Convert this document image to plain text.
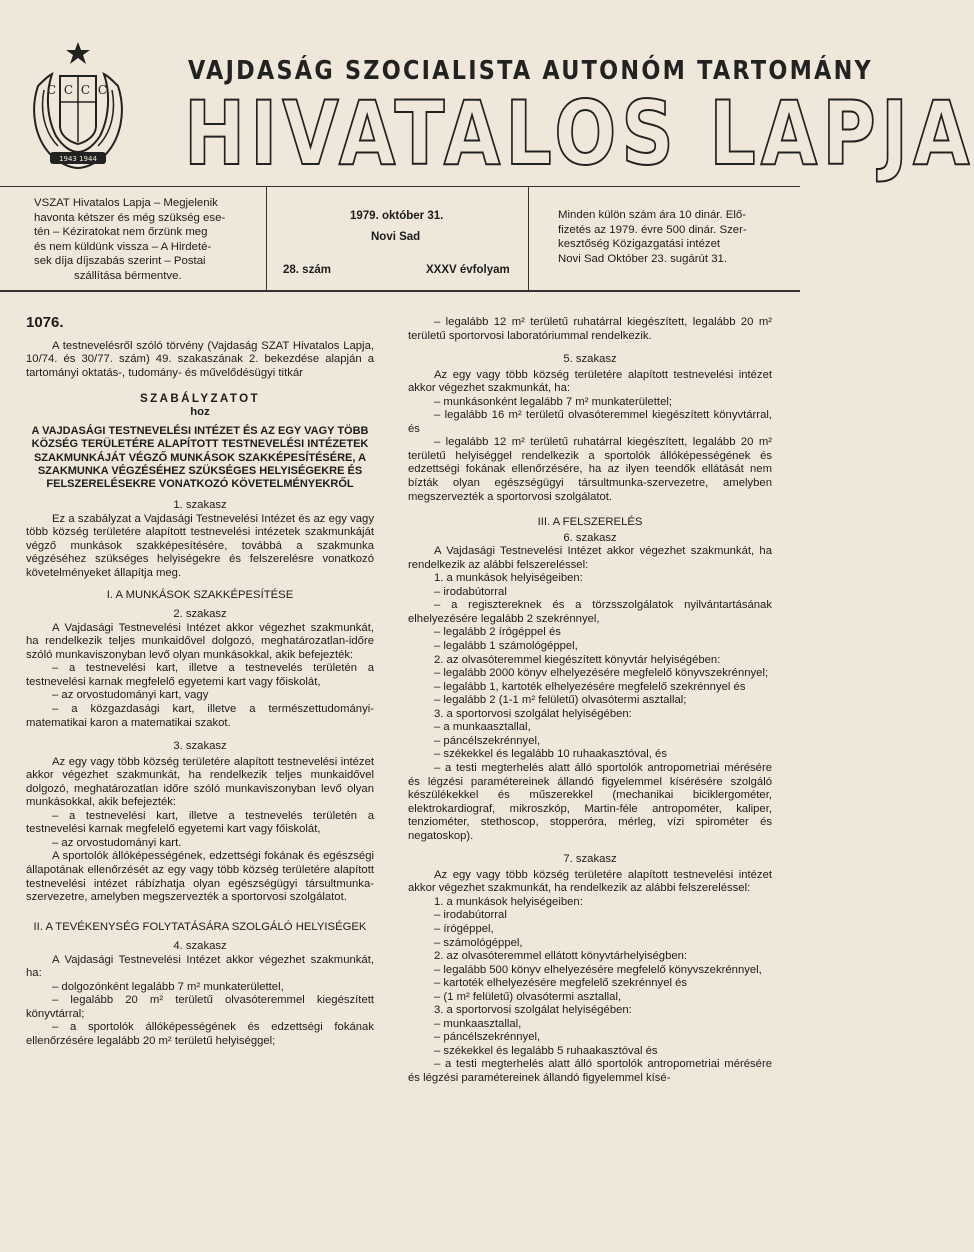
С С С С
1943 1944
VAJDASÁG SZOCIALISTA AUTONÓM TARTOMÁNY
HIVATALOS LAPJA
VSZAT Hivatalos Lapja – Megjelenik
havonta kétszer és még szükség ese-
tén – Kéziratokat nem őrzünk meg
és nem küldünk vissza – A Hirdeté-
sek díja díjszabás szerint – Postai
szállítása bérmentve.
1979. október 31.
Novi Sad
28. szám	XXXV évfolyam
Minden külön szám ára 10 dinár. Elő-
fizetés az 1979. évre 500 dinár. Szer-
kesztőség Közigazgatási intézet
Novi Sad Október 23. sugárút 31.

1076.

A testnevelésről szóló törvény (Vajdaság SZAT Hivatalos Lapja, 10/74. és 30/77. szám) 49. szakaszának 2. bekezdése alapján a tartományi oktatás-, tudomány- és művelődésügyi titkár

SZABÁLYZATOT

hoz

A VAJDASÁGI TESTNEVELÉSI INTÉZET ÉS AZ EGY VAGY TÖBB KÖZSÉG TERÜLETÉRE ALAPÍTOTT TESTNEVELÉSI INTÉZETEK SZAKMUNKÁJÁT VÉGZŐ MUNKÁSOK SZAKKÉPESÍTÉSÉRE, A SZAKMUNKA VÉGZÉSÉHEZ SZÜKSÉGES HELYISÉGEKRE ÉS FELSZERELÉSEKRE VONATKOZÓ KÖVETELMÉNYEKRŐL

1. szakasz

Ez a szabályzat a Vajdasági Testnevelési Intézet és az egy vagy több község területére alapított testnevelési intézetek szakmunkáját végző munkások szakképesítésére, továbbá a szakmunka végzéséhez szükséges helyiségekre és felszerelésre vonatkozó követelményeket állapítja meg.

I. A MUNKÁSOK SZAKKÉPESÍTÉSE

2. szakasz

A Vajdasági Testnevelési Intézet akkor végezhet szakmunkát, ha rendelkezik teljes munkaidővel dolgozó, meghatározatlan-időre szóló munkaviszonyban levő olyan munkásokkal, akik befejezték:

– a testnevelési kart, illetve a testnevelés területén a testnevelési karnak megfelelő egyetemi kart vagy főiskolát,

– az orvostudományi kart, vagy

– a közgazdasági kart, illetve a természettudományi-matematikai karon a matematikai szakot.

3. szakasz

Az egy vagy több község területére alapított testnevelési intézet akkor végezhet szakmunkát, ha rendelkezik teljes munkaidővel dolgozó, meghatározatlan időre szóló munkaviszonyban levő olyan munkásokkal, akik befejezték:

– a testnevelési kart, illetve a testnevelés területén a testnevelési karnak megfelelő egyetemi kart vagy főiskolát,

– az orvostudományi kart.

A sportolók állóképességének, edzettségi fokának és egészségi állapotának ellenőrzését az egy vagy több község területére alapított testnevelési intézet rábízhatja olyan egészségügyi társultmunka-szervezetre, amelyben megszervezték a sportorvosi szolgálatot.

II. A TEVÉKENYSÉG FOLYTATÁSÁRA SZOLGÁLÓ HELYISÉGEK

4. szakasz

A Vajdasági Testnevelési Intézet akkor végezhet szakmunkát, ha:

– dolgozónként legalább 7 m² munkaterülettel,

– legalább 20 m² területű olvasóteremmel kiegészített könyvtárral;

– a sportolók állóképességének és edzettségi fokának ellenőrzésére legalább 20 m² területű helyiséggel;

– legalább 12 m² területű ruhatárral kiegészített, legalább 20 m² területű sportorvosi laboratóriummal rendelkezik.

5. szakasz

Az egy vagy több község területére alapított testnevelési intézet akkor végezhet szakmunkát, ha:

– munkásonként legalább 7 m² munkaterülettel;

– legalább 16 m² területű olvasóteremmel kiegészített könyvtárral, és

– legalább 12 m² területű ruhatárral kiegészített, legalább 20 m² területű helyiséggel rendelkezik a sportolók állóképességének és edzettségi fokának ellenőrzésére, ha az ilyen teendők ellátását nem bízták olyan egészségügyi társultmunka-szervezetre, amelyben megszervezték a sportorvosi szolgálatot.

III. A FELSZERELÉS

6. szakasz

A Vajdasági Testnevelési Intézet akkor végezhet szakmunkát, ha rendelkezik az alábbi felszereléssel:

1. a munkások helyiségeiben:

– irodabútorral

– a regisztereknek és a törzsszolgálatok nyilvántartásának elhelyezésére legalább 2 szekrénnyel,

– legalább 2 írógéppel és

– legalább 1 számológéppel,

2. az olvasóteremmel kiegészített könyvtár helyiségében:

– legalább 2000 könyv elhelyezésére megfelelő könyvszekrénnyel;

– legalább 1, kartoték elhelyezésére megfelelő szekrénnyel és

– legalább 2 (1-1 m² felületű) olvasótermi asztallal;

3. a sportorvosi szolgálat helyiségében:

– a munkaasztallal,

– páncélszekrénnyel,

– székekkel és legalább 10 ruhaakasztóval, és

– a testi megterhelés alatt álló sportolók antropometriai mérésére és légzési paramétereinek állandó figyelemmel kísérésére szolgáló készülékekkel és műszerekkel (mechanikai biciklergométer, elektrokardiograf, mikroszkóp, Martin-féle antropométer, kaliper, tenziométer, stethoscop, stopperóra, mérleg, vízi spirométer és negatoskop).

7. szakasz

Az egy vagy több község területére alapított testnevelési intézet akkor végezhet szakmunkát, ha rendelkezik az alábbi felszereléssel:

1. a munkások helyiségeiben:

– irodabútorral

– írógéppel,

– számológéppel,

2. az olvasóteremmel ellátott könyvtárhelyiségben:

– legalább 500 könyv elhelyezésére megfelelő könyvszekrénnyel,

– kartoték elhelyezésére megfelelő szekrénnyel és

– (1 m² felületű) olvasótermi asztallal,

3. a sportorvosi szolgálat helyiségében:

– munkaasztallal,

– páncélszekrénnyel,

– székekkel és legalább 5 ruhaakasztóval és

– a testi megterhelés alatt álló sportolók antropometriai mérésére és légzési paramétereinek állandó figyelemmel kísé-
